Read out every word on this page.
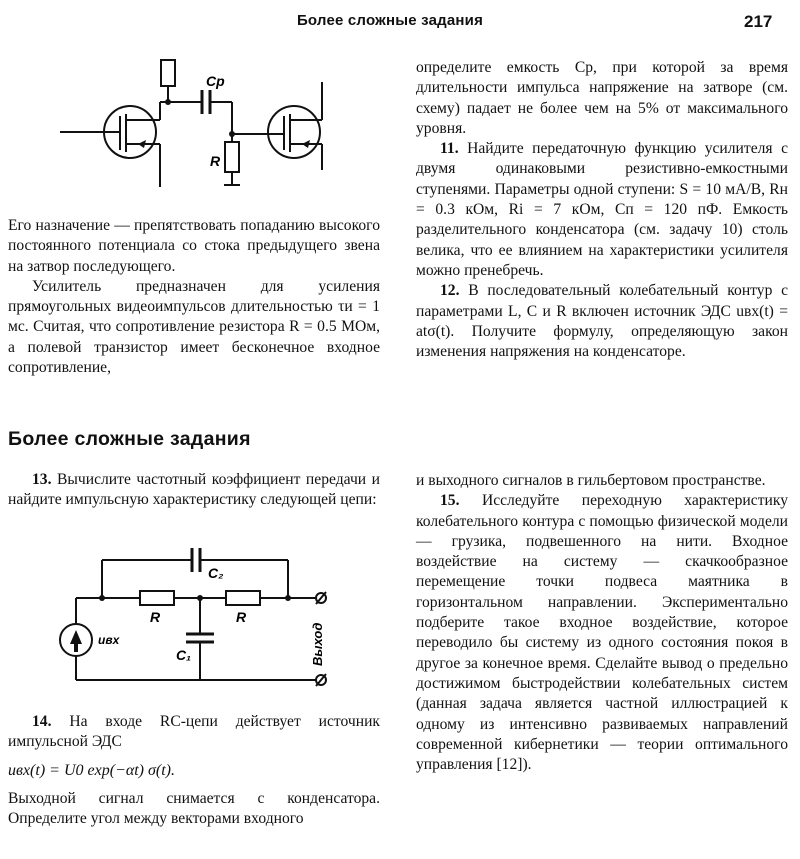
Более сложные задания	217
Cр
R

Его назначение — препятствовать попаданию высокого постоянного потенциала со стока предыдущего звена на затвор последующего.

Усилитель предназначен для усиления прямоугольных видеоимпульсов длительностью τи = 1 мс. Считая, что сопротивление резистора R = 0.5 МОм, а полевой транзистор имеет бесконечное входное сопротивление,

определите емкость Cр, при которой за время длительности импульса напряжение на затворе (см. схему) падает не более чем на 5% от максимального уровня.

11. Найдите передаточную функцию усилителя с двумя одинаковыми резистивно-емкостными ступенями. Параметры одной ступени: S = 10 мА/В, Rн = 0.3 кОм, Ri = 7 кОм, Cп = 120 пФ. Емкость разделительного конденсатора (см. задачу 10) столь велика, что ее влиянием на характеристики усилителя можно пренебречь.

12. В последовательный колебательный контур с параметрами L, C и R включен источник ЭДС uвх(t) = atσ(t). Получите формулу, определяющую закон изменения напряжения на конденсаторе.

Более сложные задания

13. Вычислите частотный коэффициент передачи и найдите импульсную характеристику следующей цепи:

C₂
R	R
C₁
uвх	Выход

14. На входе RC-цепи действует источник импульсной ЭДС

uвх(t) = U0 exp(−αt) σ(t).

Выходной сигнал снимается с конденсатора. Определите угол между векторами входного

и выходного сигналов в гильбертовом пространстве.

15. Исследуйте переходную характеристику колебательного контура с помощью физической модели — грузика, подвешенного на нити. Входное воздействие на систему — скачкообразное перемещение точки подвеса маятника в горизонтальном направлении. Экспериментально подберите такое входное воздействие, которое переводило бы систему из одного состояния покоя в другое за конечное время. Сделайте вывод о предельно достижимом быстродействии колебательных систем (данная задача является частной иллюстрацией к одному из интенсивно развиваемых направлений современной кибернетики — теории оптимального управления [12]).
